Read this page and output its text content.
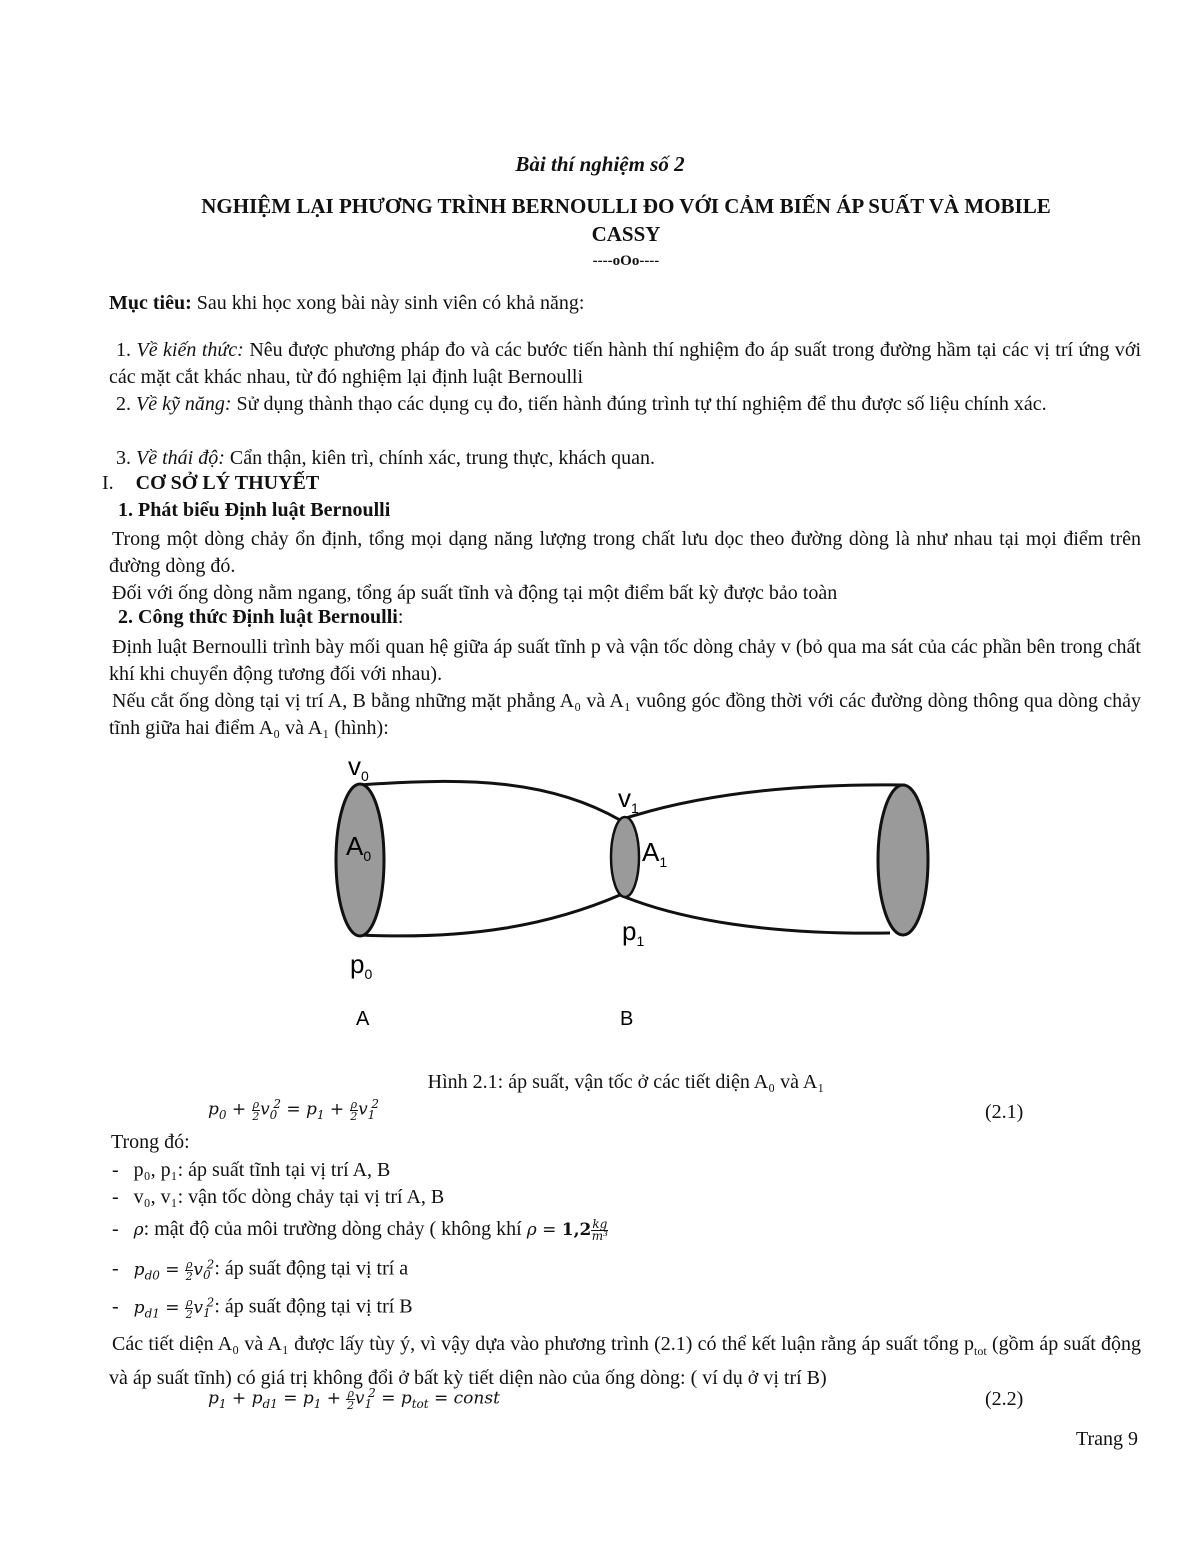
Bài thí nghiệm số 2
NGHIỆM LẠI PHƯƠNG TRÌNH BERNOULLI ĐO VỚI CẢM BIẾN ÁP SUẤT VÀ MOBILE
CASSY
----oOo----
Mục tiêu: Sau khi học xong bài này sinh viên có khả năng:
1. Về kiến thức: Nêu được phương pháp đo và các bước tiến hành thí nghiệm đo áp suất trong đường hầm tại các vị trí ứng với các mặt cắt khác nhau, từ đó nghiệm lại định luật Bernoulli
2. Về kỹ năng: Sử dụng thành thạo các dụng cụ đo, tiến hành đúng trình tự thí nghiệm để thu được số liệu chính xác.
3. Về thái độ: Cẩn thận, kiên trì, chính xác, trung thực, khách quan.
I. CƠ SỞ LÝ THUYẾT
1. Phát biểu Định luật Bernoulli
Trong một dòng chảy ổn định, tổng mọi dạng năng lượng trong chất lưu dọc theo đường dòng là như nhau tại mọi điểm trên đường dòng đó.
Đối với ống dòng nằm ngang, tổng áp suất tĩnh và động tại một điểm bất kỳ được bảo toàn
2. Công thức Định luật Bernoulli:
Định luật Bernoulli trình bày mối quan hệ giữa áp suất tĩnh p và vận tốc dòng chảy v (bỏ qua ma sát của các phần bên trong chất khí khi chuyển động tương đối với nhau).
Nếu cắt ống dòng tại vị trí A, B bằng những mặt phẳng A₀ và A₁ vuông góc đồng thời với các đường dòng thông qua dòng chảy tĩnh giữa hai điểm A₀ và A₁ (hình):
$v_0$
$A_0$
$p_0$
$v_1$
$A_1$
$p_1$
A	B
Hình 2.1: áp suất, vận tốc ở các tiết diện A₀ và A₁
$p_0 + \frac{\rho}{2} v_0^2 = p_1 + \frac{\rho}{2} v_1^2$	(2.1)
Trong đó:
-   p₀, p₁: áp suất tĩnh tại vị trí A, B
-   v₀, v₁: vận tốc dòng chảy tại vị trí A, B
-   ρ: mật độ của môi trường dòng chảy ( không khí $\rho = 1,2 \frac{kg}{\text{m³}}$
-   $p_{d0} = \frac{\rho}{2} v_0^2$: áp suất động tại vị trí a
-   $p_{d1} = \frac{\rho}{2} v_1^2$: áp suất động tại vị trí B
Các tiết diện A₀ và A₁ được lấy tùy ý, vì vậy dựa vào phương trình (2.1) có thể kết luận rằng áp suất tổng $p_{tot}$ (gồm áp suất động và áp suất tĩnh) có giá trị không đổi ở bất kỳ tiết diện nào của ống dòng: ( ví dụ ở vị trí B)
$p_1 + p_{d1} = p_1 + \frac{\rho}{2} v_1^2 = p_{tot}$ = const	(2.2)
Trang 9
